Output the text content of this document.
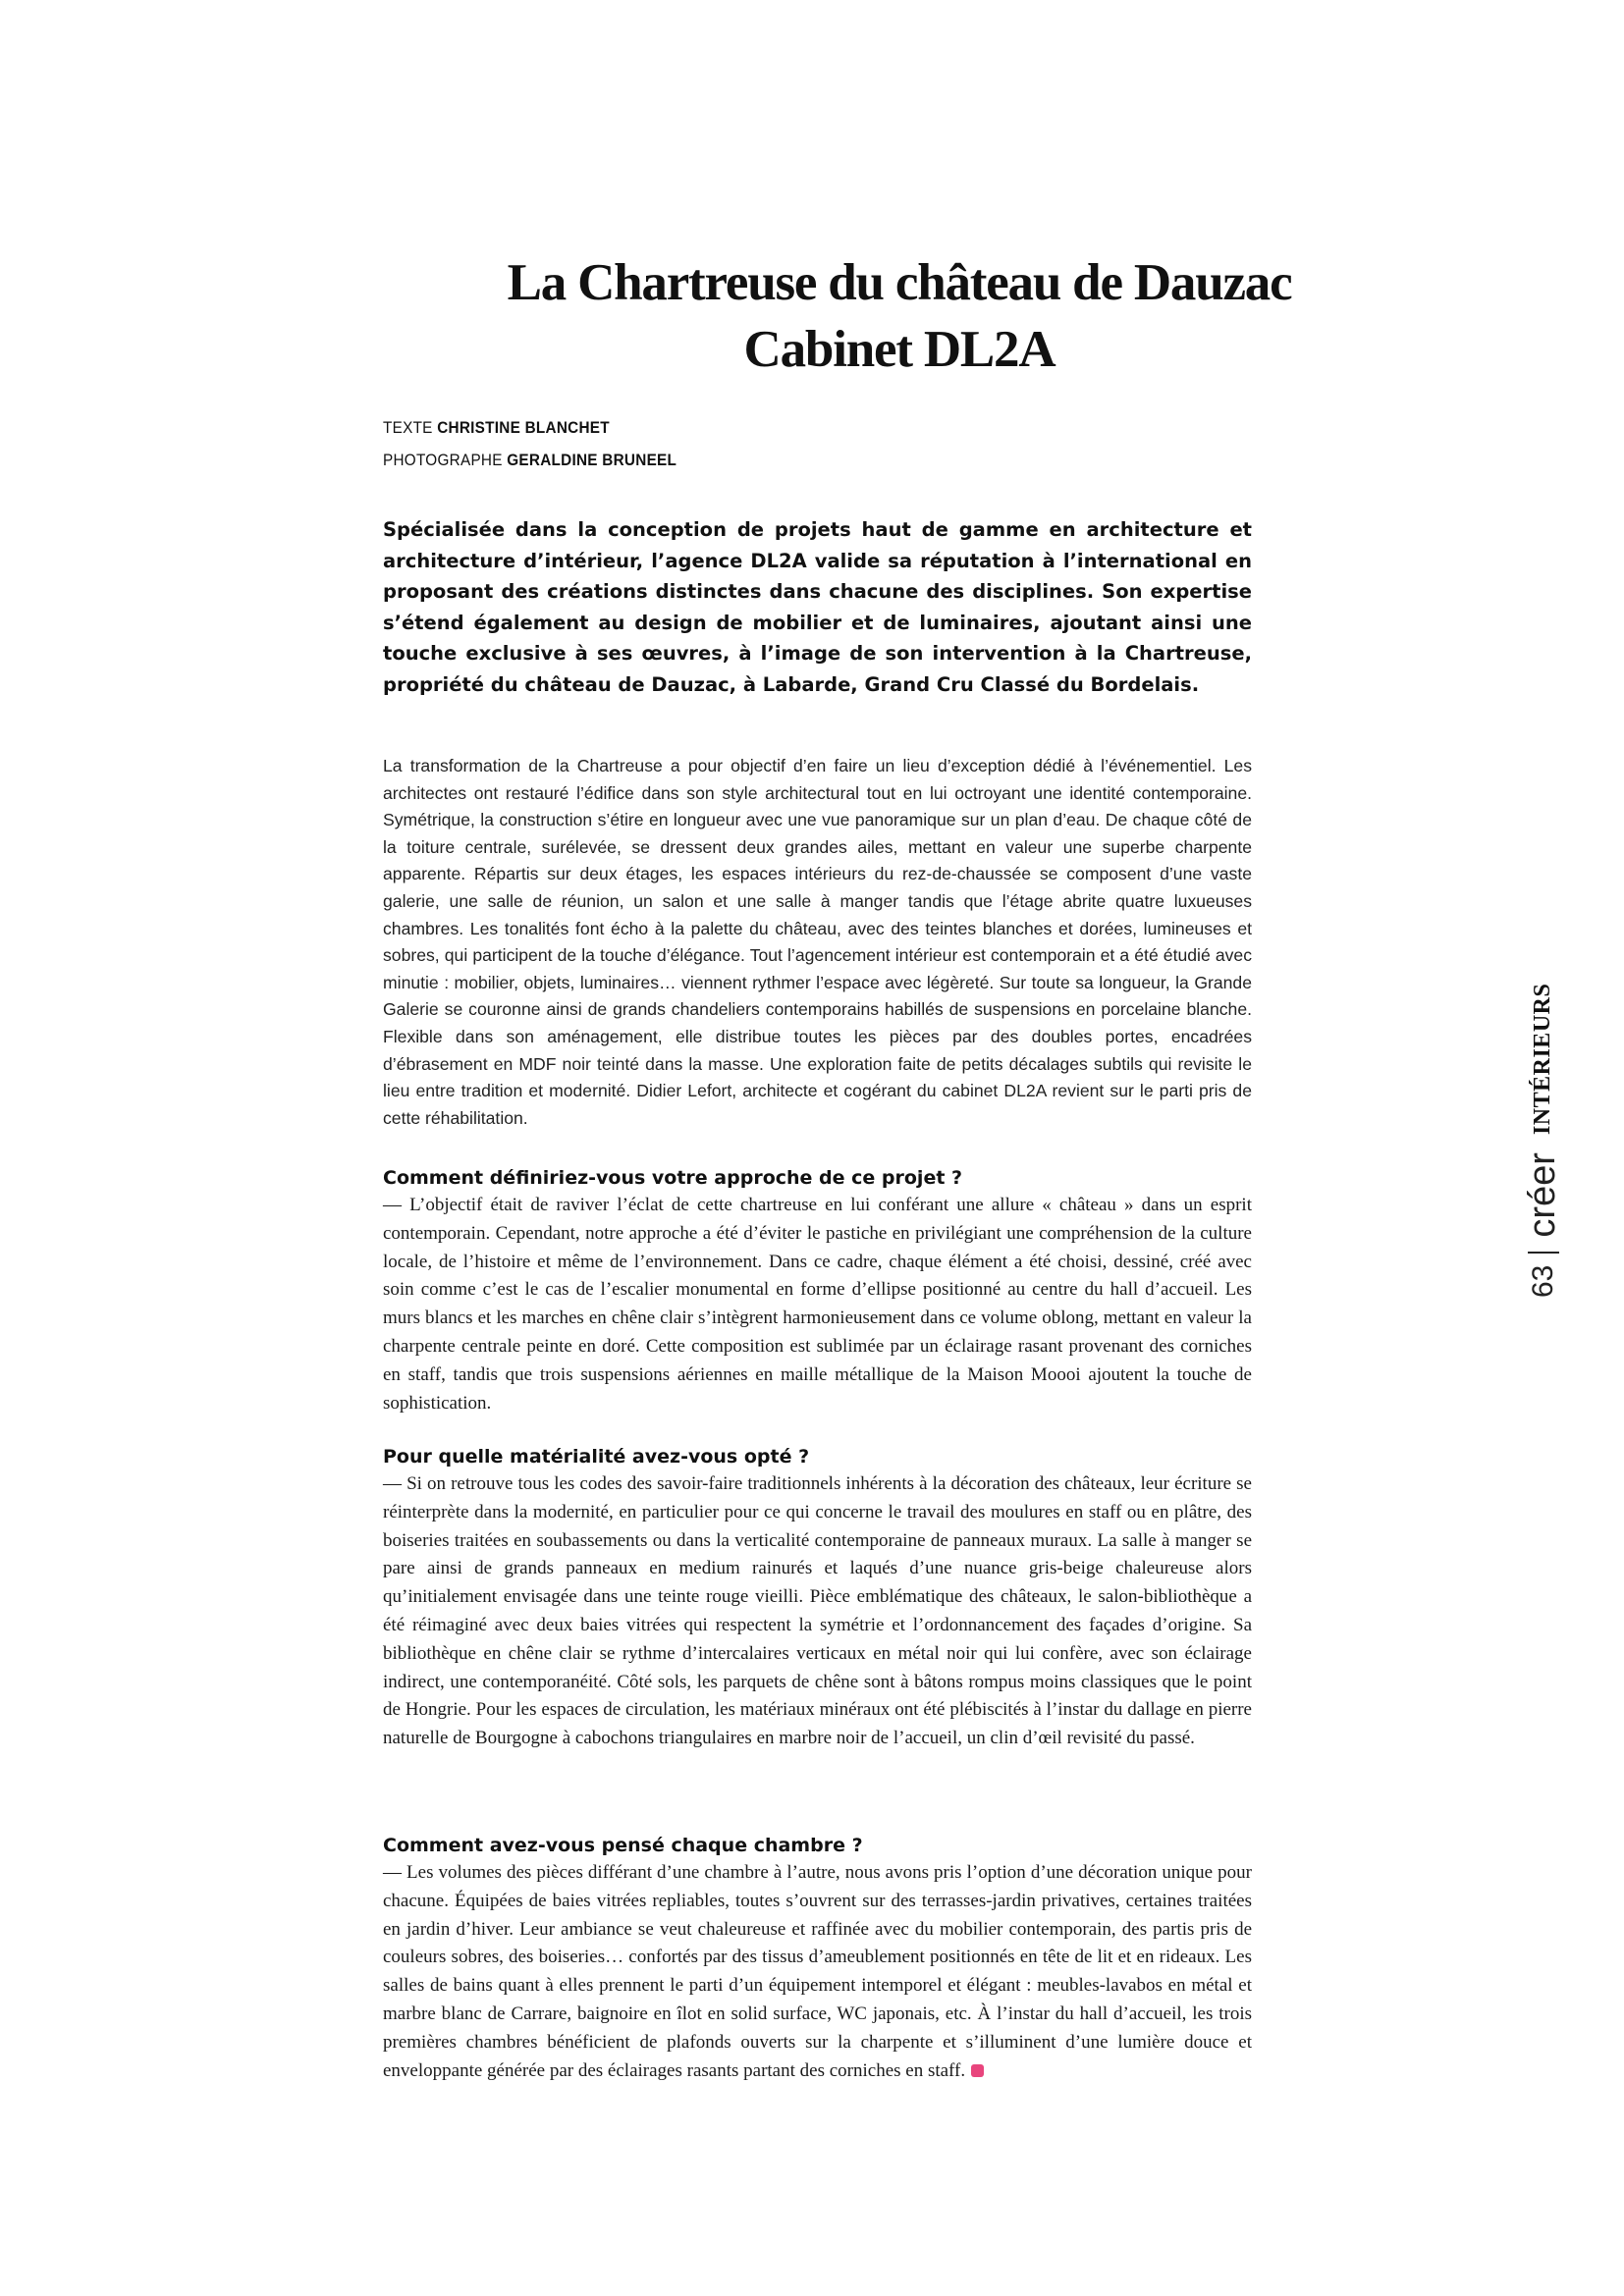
La Chartreuse du château de Dauzac
Cabinet DL2A
TEXTE CHRISTINE BLANCHET
PHOTOGRAPHE GERALDINE BRUNEEL

Spécialisée dans la conception de projets haut de gamme en architecture et architecture d’intérieur, l’agence DL2A valide sa réputation à l’international en proposant des créations distinctes dans chacune des disciplines. Son expertise s’étend également au design de mobilier et de luminaires, ajoutant ainsi une touche exclusive à ses œuvres, à l’image de son intervention à la Chartreuse, propriété du château de Dauzac, à Labarde, Grand Cru Classé du Bordelais.

La transformation de la Chartreuse a pour objectif d’en faire un lieu d’exception dédié à l’événementiel. Les architectes ont restauré l’édifice dans son style architectural tout en lui octroyant une identité contemporaine. Symétrique, la construction s’étire en longueur avec une vue panoramique sur un plan d’eau. De chaque côté de la toiture centrale, surélevée, se dressent deux grandes ailes, mettant en valeur une superbe charpente apparente. Répartis sur deux étages, les espaces intérieurs du rez-de-chaussée se composent d’une vaste galerie, une salle de réunion, un salon et une salle à manger tandis que l’étage abrite quatre luxueuses chambres. Les tonalités font écho à la palette du château, avec des teintes blanches et dorées, lumineuses et sobres, qui participent de la touche d’élégance. Tout l’agencement intérieur est contemporain et a été étudié avec minutie : mobilier, objets, luminaires… viennent rythmer l’espace avec légèreté. Sur toute sa longueur, la Grande Galerie se couronne ainsi de grands chandeliers contemporains habillés de suspensions en porcelaine blanche. Flexible dans son aménagement, elle distribue toutes les pièces par des doubles portes, encadrées d’ébrasement en MDF noir teinté dans la masse. Une exploration faite de petits décalages subtils qui revisite le lieu entre tradition et modernité. Didier Lefort, architecte et cogérant du cabinet DL2A revient sur le parti pris de cette réhabilitation.

Comment définiriez-vous votre approche de ce projet ?

— L’objectif était de raviver l’éclat de cette chartreuse en lui conférant une allure « château » dans un esprit contemporain. Cependant, notre approche a été d’éviter le pastiche en privilégiant une compréhension de la culture locale, de l’histoire et même de l’environnement. Dans ce cadre, chaque élément a été choisi, dessiné, créé avec soin comme c’est le cas de l’escalier monumental en forme d’ellipse positionné au centre du hall d’accueil. Les murs blancs et les marches en chêne clair s’intègrent harmonieusement dans ce volume oblong, mettant en valeur la charpente centrale peinte en doré. Cette composition est sublimée par un éclairage rasant provenant des corniches en staff, tandis que trois suspensions aériennes en maille métallique de la Maison Moooi ajoutent la touche de sophistication.

Pour quelle matérialité avez-vous opté ?

— Si on retrouve tous les codes des savoir-faire traditionnels inhérents à la décoration des châteaux, leur écriture se réinterprète dans la modernité, en particulier pour ce qui concerne le travail des moulures en staff ou en plâtre, des boiseries traitées en soubassements ou dans la verticalité contemporaine de panneaux muraux. La salle à manger se pare ainsi de grands panneaux en medium rainurés et laqués d’une nuance gris-beige chaleureuse alors qu’initialement envisagée dans une teinte rouge vieilli. Pièce emblématique des châteaux, le salon-bibliothèque a été réimaginé avec deux baies vitrées qui respectent la symétrie et l’ordonnancement des façades d’origine. Sa bibliothèque en chêne clair se rythme d’intercalaires verticaux en métal noir qui lui confère, avec son éclairage indirect, une contemporanéité. Côté sols, les parquets de chêne sont à bâtons rompus moins classiques que le point de Hongrie. Pour les espaces de circulation, les matériaux minéraux ont été plébiscités à l’instar du dallage en pierre naturelle de Bourgogne à cabochons triangulaires en marbre noir de l’accueil, un clin d’œil revisité du passé.

Comment avez-vous pensé chaque chambre ?

— Les volumes des pièces différant d’une chambre à l’autre, nous avons pris l’option d’une décoration unique pour chacune. Équipées de baies vitrées repliables, toutes s’ouvrent sur des terrasses-jardin privatives, certaines traitées en jardin d’hiver. Leur ambiance se veut chaleureuse et raffinée avec du mobilier contemporain, des partis pris de couleurs sobres, des boiseries… confortés par des tissus d’ameublement positionnés en tête de lit et en rideaux. Les salles de bains quant à elles prennent le parti d’un équipement intemporel et élégant : meubles-lavabos en métal et marbre blanc de Carrare, baignoire en îlot en solid surface, WC japonais, etc. À l’instar du hall d’accueil, les trois premières chambres bénéficient de plafonds ouverts sur la charpente et s’illuminent d’une lumière douce et enveloppante générée par des éclairages rasants partant des corniches en staff.

63
créer
INTÉRIEURS
